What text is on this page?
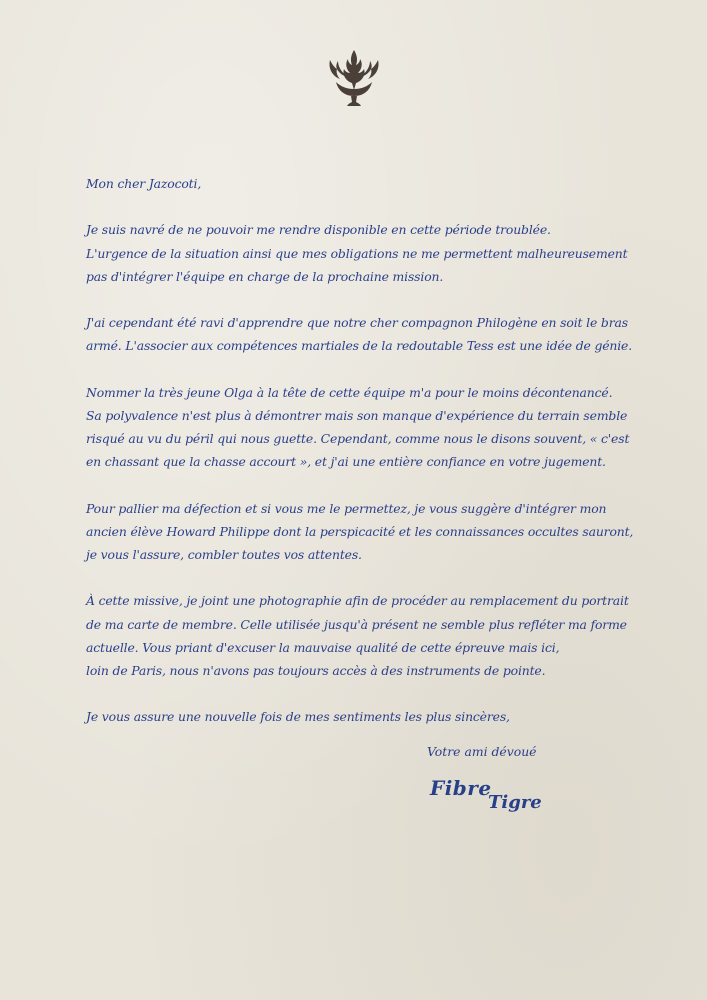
Mon cher Jazocoti,
Je suis navré de ne pouvoir me rendre disponible en cette période troublée.
L'urgence de la situation ainsi que mes obligations ne me permettent malheureusement
pas d'intégrer l'équipe en charge de la prochaine mission.
J'ai cependant été ravi d'apprendre que notre cher compagnon Philogène en soit le bras
armé. L'associer aux compétences martiales de la redoutable Tess est une idée de génie.
Nommer la très jeune Olga à la tête de cette équipe m'a pour le moins décontenancé.
Sa polyvalence n'est plus à démontrer mais son manque d'expérience du terrain semble
risqué au vu du péril qui nous guette. Cependant, comme nous le disons souvent, « c'est
en chassant que la chasse accourt », et j'ai une entière confiance en votre jugement.
Pour pallier ma défection et si vous me le permettez, je vous suggère d'intégrer mon
ancien élève Howard Philippe dont la perspicacité et les connaissances occultes sauront,
je vous l'assure, combler toutes vos attentes.
À cette missive, je joint une photographie afin de procéder au remplacement du portrait
de ma carte de membre. Celle utilisée jusqu'à présent ne semble plus refléter ma forme
actuelle. Vous priant d'excuser la mauvaise qualité de cette épreuve mais ici,
loin de Paris, nous n'avons pas toujours accès à des instruments de pointe.
Je vous assure une nouvelle fois de mes sentiments les plus sincères,
Votre ami dévoué
Fibre
Tigre
